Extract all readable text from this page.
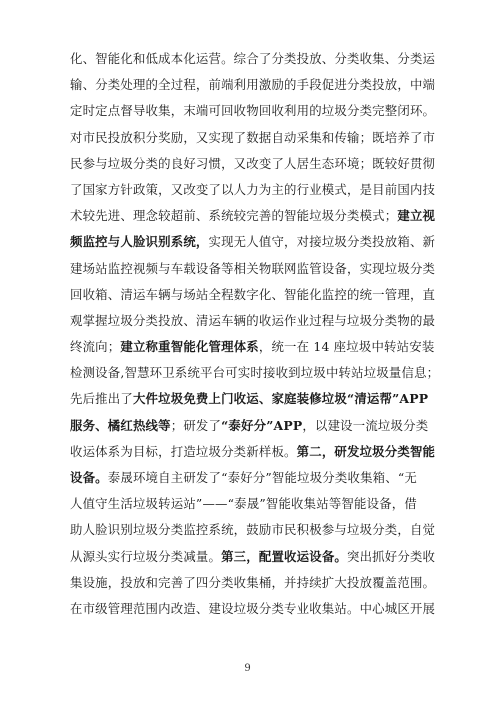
化、智能化和低成本化运营。综合了分类投放、分类收集、分类运
输、分类处理的全过程，前端利用激励的手段促进分类投放，中端
定时定点督导收集，末端可回收物回收利用的垃圾分类完整闭环。
对市民投放积分奖励，又实现了数据自动采集和传输；既培养了市
民参与垃圾分类的良好习惯，又改变了人居生态环境；既较好贯彻
了国家方针政策，又改变了以人力为主的行业模式，是目前国内技
术较先进、理念较超前、系统较完善的智能垃圾分类模式；建立视
频监控与人脸识别系统，实现无人值守，对接垃圾分类投放箱、新
建场站监控视频与车载设备等相关物联网监管设备，实现垃圾分类
回收箱、清运车辆与场站全程数字化、智能化监控的统一管理，直
观掌握垃圾分类投放、清运车辆的收运作业过程与垃圾分类物的最
终流向；建立称重智能化管理体系，统一在 14 座垃圾中转站安装
检测设备,智慧环卫系统平台可实时接收到垃圾中转站垃圾量信息；
先后推出了大件垃圾免费上门收运、家庭装修垃圾“清运帮”APP
服务、橘红热线等；研发了“泰好分”APP，以建设一流垃圾分类
收运体系为目标，打造垃圾分类新样板。第二，研发垃圾分类智能
设备。泰晟环境自主研发了“泰好分”智能垃圾分类收集箱、“无
人值守生活垃圾转运站”——“泰晟”智能收集站等智能设备，借
助人脸识别垃圾分类监控系统，鼓励市民积极参与垃圾分类，自觉
从源头实行垃圾分类减量。第三，配置收运设备。突出抓好分类收
集设施，投放和完善了四分类收集桶，并持续扩大投放覆盖范围。
在市级管理范围内改造、建设垃圾分类专业收集站。中心城区开展
9
